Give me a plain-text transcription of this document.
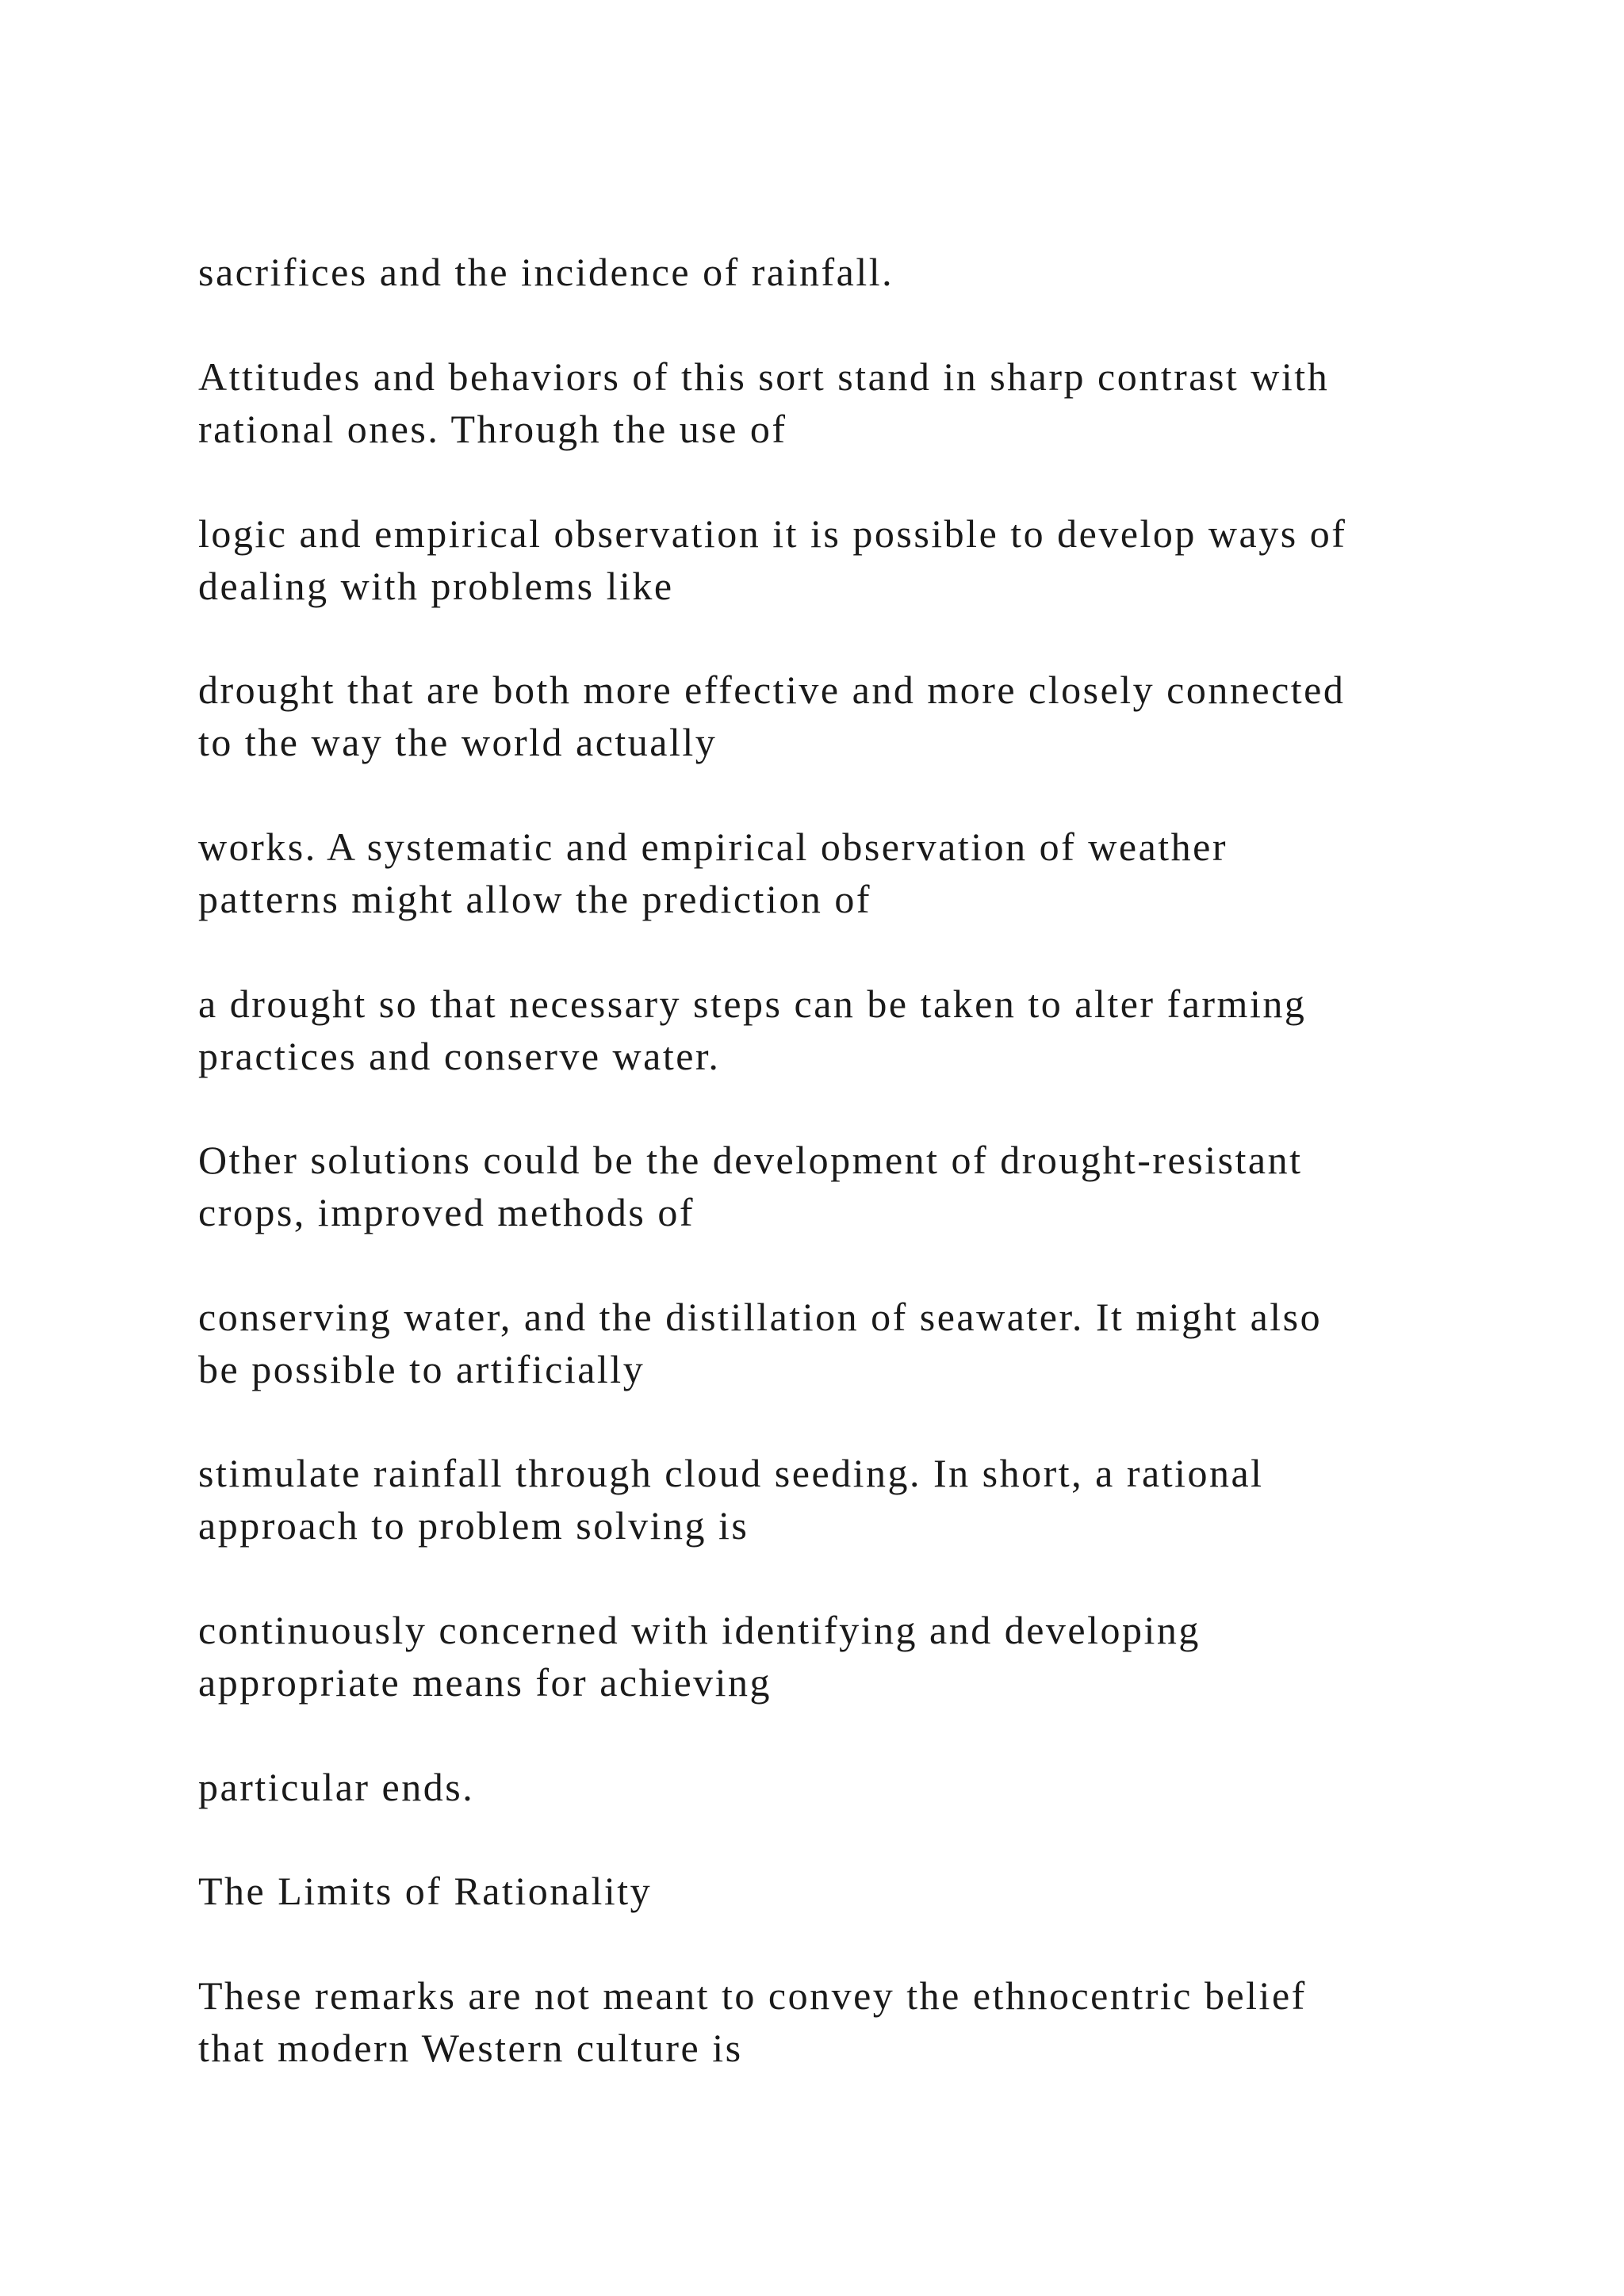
sacrifices and the incidence of rainfall.

Attitudes and behaviors of this sort stand in sharp contrast with

rational ones. Through the use of

logic and empirical observation it is possible to develop ways of

dealing with problems like

drought that are both more effective and more closely connected

to the way the world actually

works. A systematic and empirical observation of weather

patterns might allow the prediction of

a drought so that necessary steps can be taken to alter farming

practices and conserve water.

Other solutions could be the development of drought-resistant

crops, improved methods of

conserving water, and the distillation of seawater. It might also

be possible to artificially

stimulate rainfall through cloud seeding. In short, a rational

approach to problem solving is

continuously concerned with identifying and developing

appropriate means for achieving

particular ends.

The Limits of Rationality

These remarks are not meant to convey the ethnocentric belief

that modern Western culture is
